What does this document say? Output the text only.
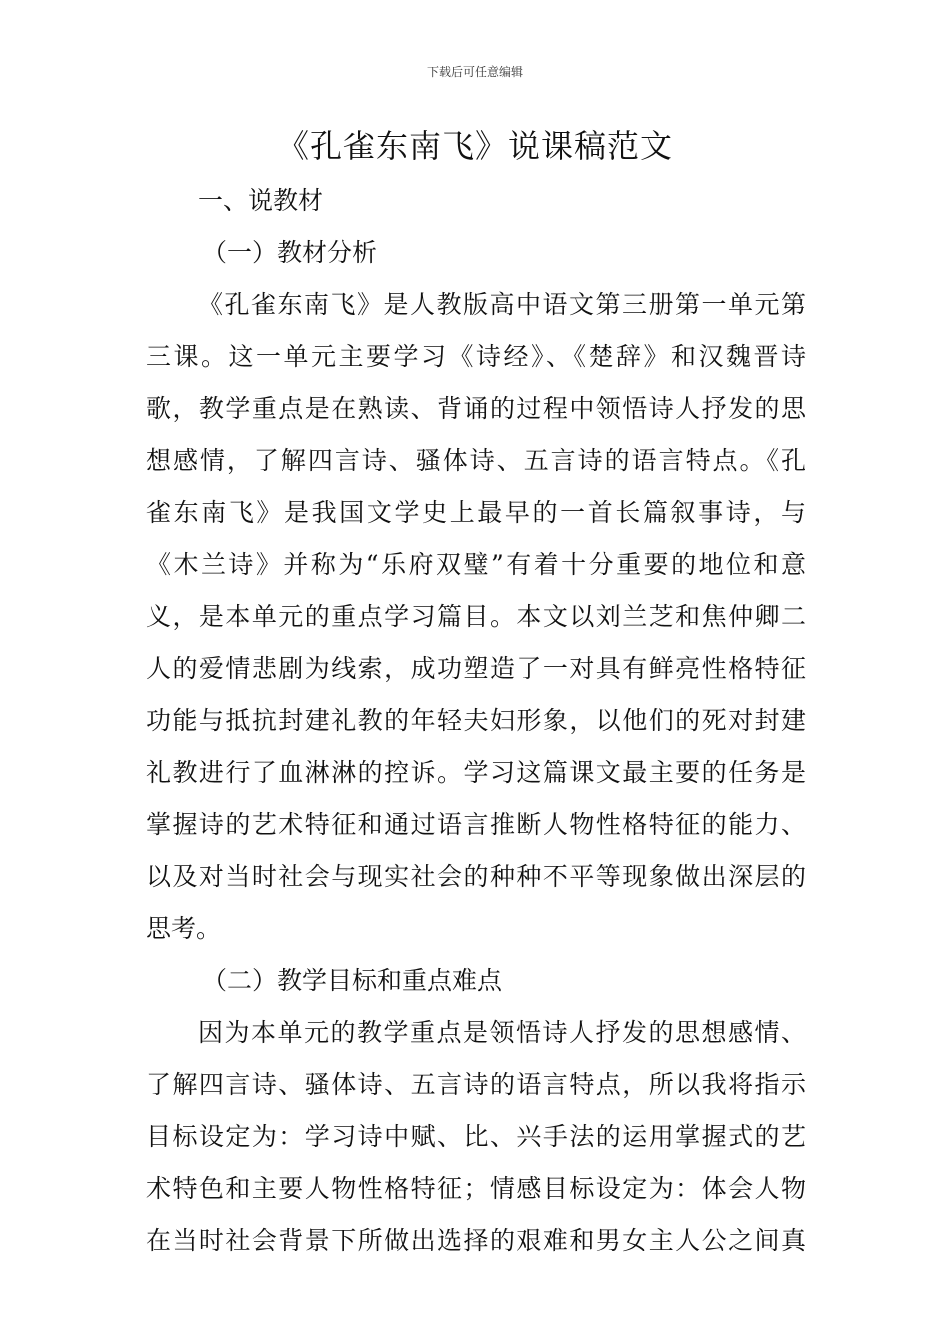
下载后可任意编辑
《孔雀东南飞》说课稿范文
一、说教材
（一）教材分析
《孔雀东南飞》是人教版高中语文第三册第一单元第
三课。这一单元主要学习《诗经》、《楚辞》和汉魏晋诗
歌，教学重点是在熟读、背诵的过程中领悟诗人抒发的思
想感情，了解四言诗、骚体诗、五言诗的语言特点。《孔
雀东南飞》是我国文学史上最早的一首长篇叙事诗，与
《木兰诗》并称为“乐府双璧”有着十分重要的地位和意
义，是本单元的重点学习篇目。本文以刘兰芝和焦仲卿二
人的爱情悲剧为线索，成功塑造了一对具有鲜亮性格特征
功能与抵抗封建礼教的年轻夫妇形象，以他们的死对封建
礼教进行了血淋淋的控诉。学习这篇课文最主要的任务是
掌握诗的艺术特征和通过语言推断人物性格特征的能力、
以及对当时社会与现实社会的种种不平等现象做出深层的
思考。
（二）教学目标和重点难点
因为本单元的教学重点是领悟诗人抒发的思想感情、
了解四言诗、骚体诗、五言诗的语言特点，所以我将指示
目标设定为：学习诗中赋、比、兴手法的运用掌握式的艺
术特色和主要人物性格特征；情感目标设定为：体会人物
在当时社会背景下所做出选择的艰难和男女主人公之间真
